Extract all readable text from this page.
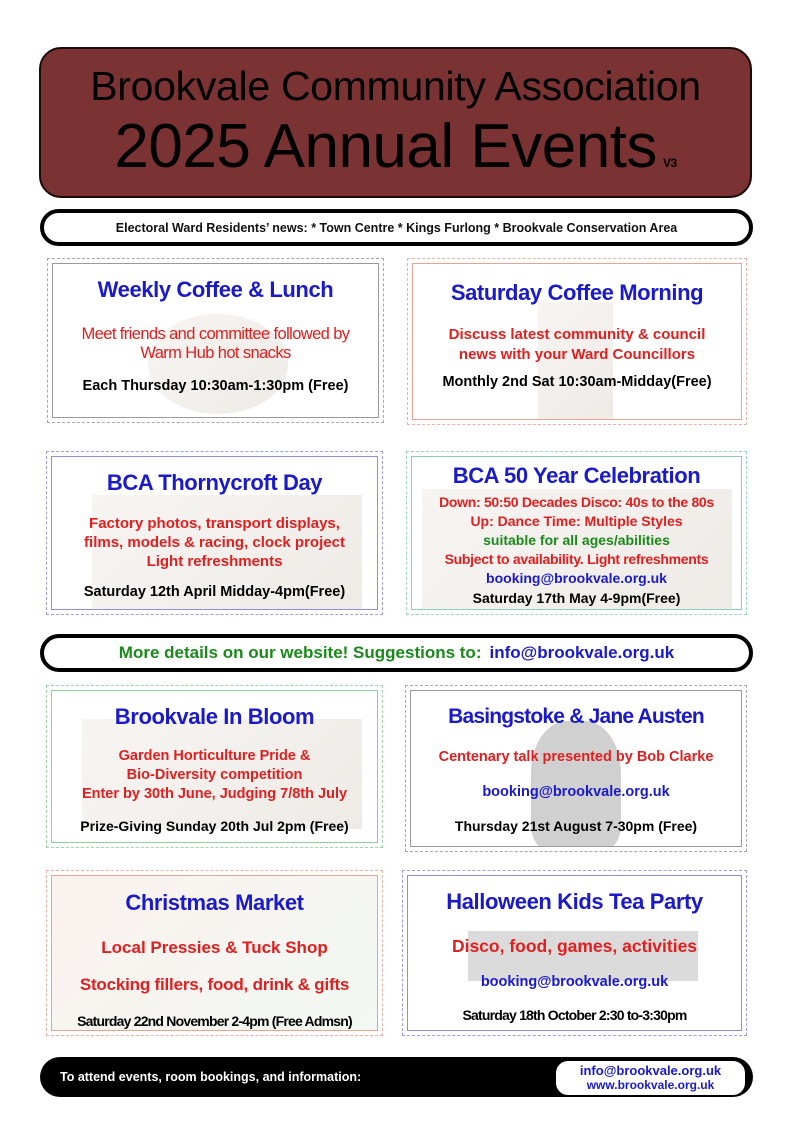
Brookvale Community Association
2025 Annual Events V3
Electoral Ward Residents’ news: * Town Centre * Kings Furlong * Brookvale Conservation Area
Weekly Coffee & Lunch
Meet friends and committee followed by
Warm Hub hot snacks
Each Thursday 10:30am-1:30pm (Free)
Saturday Coffee Morning
Discuss latest community & council
news with your Ward Councillors
Monthly 2nd Sat 10:30am-Midday(Free)
BCA Thornycroft Day
Factory photos, transport displays,
films, models & racing, clock project
Light refreshments
Saturday 12th April Midday-4pm(Free)
BCA 50 Year Celebration
Down: 50:50 Decades Disco: 40s to the 80s
Up: Dance Time: Multiple Styles
suitable for all ages/abilities
Subject to availability. Light refreshments
booking@brookvale.org.uk
Saturday 17th May 4-9pm(Free)
More details on our website! Suggestions to: info@brookvale.org.uk
Brookvale In Bloom
Garden Horticulture Pride &
Bio-Diversity competition
Enter by 30th June, Judging 7/8th July
Prize-Giving Sunday 20th Jul 2pm (Free)
Basingstoke & Jane Austen
Centenary talk presented by Bob Clarke
booking@brookvale.org.uk
Thursday 21st August 7-30pm (Free)
Christmas Market
Local Pressies & Tuck Shop
Stocking fillers, food, drink & gifts
Saturday 22nd November 2-4pm (Free Admsn)
Halloween Kids Tea Party
Disco, food, games, activities
booking@brookvale.org.uk
Saturday 18th October 2:30 to-3:30pm
To attend events, room bookings, and information:	info@brookvale.org.uk
www.brookvale.org.uk
